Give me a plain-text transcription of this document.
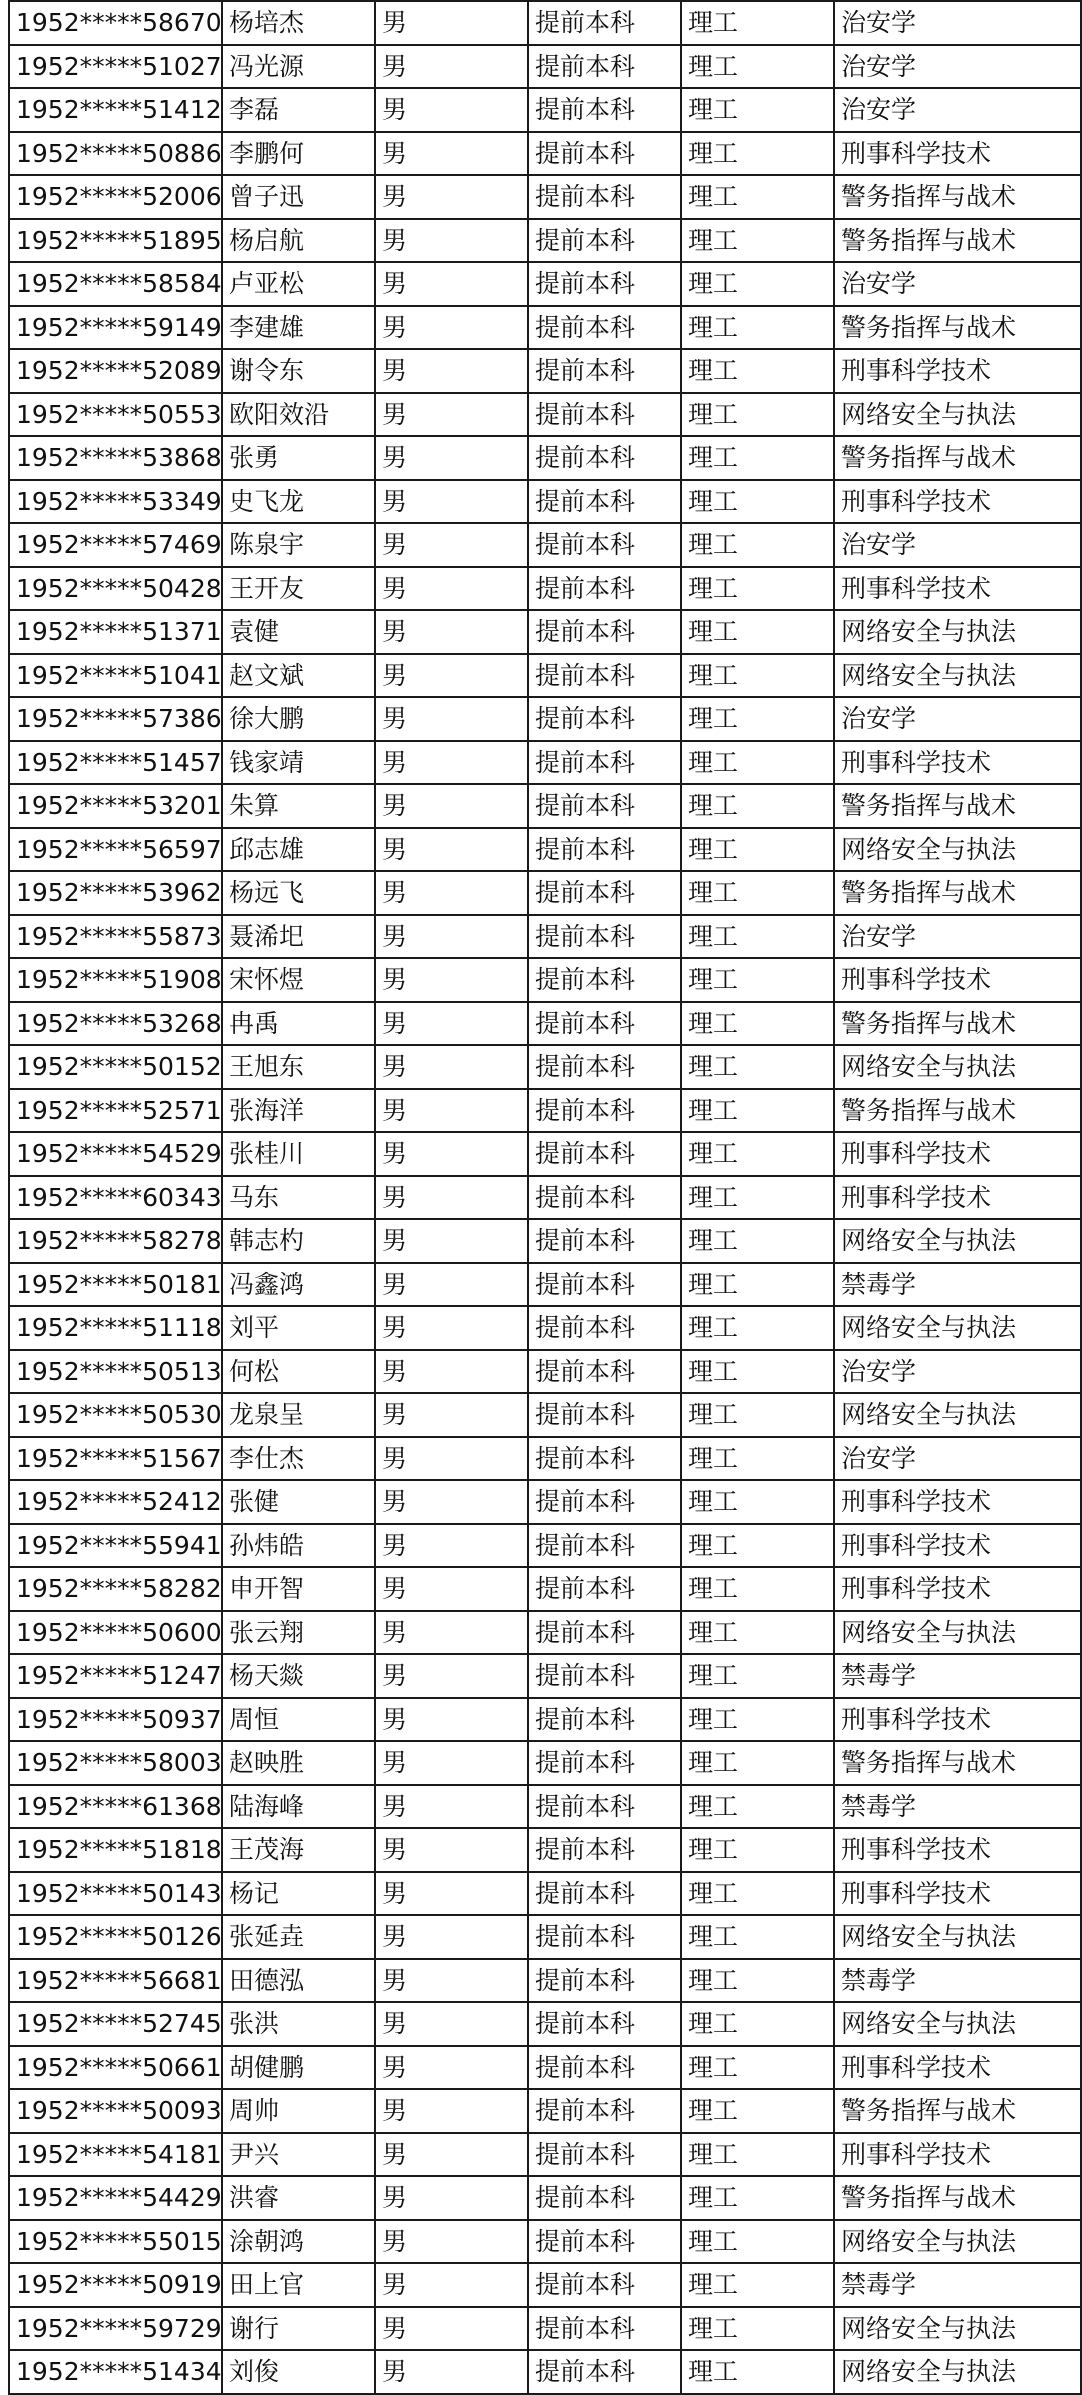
1952*****58670	杨培杰	男	提前本科	理工	治安学
1952*****51027	冯光源	男	提前本科	理工	治安学
1952*****51412	李磊	男	提前本科	理工	治安学
1952*****50886	李鹏何	男	提前本科	理工	刑事科学技术
1952*****52006	曾子迅	男	提前本科	理工	警务指挥与战术
1952*****51895	杨启航	男	提前本科	理工	警务指挥与战术
1952*****58584	卢亚松	男	提前本科	理工	治安学
1952*****59149	李建雄	男	提前本科	理工	警务指挥与战术
1952*****52089	谢令东	男	提前本科	理工	刑事科学技术
1952*****50553	欧阳效沿	男	提前本科	理工	网络安全与执法
1952*****53868	张勇	男	提前本科	理工	警务指挥与战术
1952*****53349	史飞龙	男	提前本科	理工	刑事科学技术
1952*****57469	陈泉宇	男	提前本科	理工	治安学
1952*****50428	王开友	男	提前本科	理工	刑事科学技术
1952*****51371	袁健	男	提前本科	理工	网络安全与执法
1952*****51041	赵文斌	男	提前本科	理工	网络安全与执法
1952*****57386	徐大鹏	男	提前本科	理工	治安学
1952*****51457	钱家靖	男	提前本科	理工	刑事科学技术
1952*****53201	朱算	男	提前本科	理工	警务指挥与战术
1952*****56597	邱志雄	男	提前本科	理工	网络安全与执法
1952*****53962	杨远飞	男	提前本科	理工	警务指挥与战术
1952*****55873	聂浠圯	男	提前本科	理工	治安学
1952*****51908	宋怀煜	男	提前本科	理工	刑事科学技术
1952*****53268	冉禹	男	提前本科	理工	警务指挥与战术
1952*****50152	王旭东	男	提前本科	理工	网络安全与执法
1952*****52571	张海洋	男	提前本科	理工	警务指挥与战术
1952*****54529	张桂川	男	提前本科	理工	刑事科学技术
1952*****60343	马东	男	提前本科	理工	刑事科学技术
1952*****58278	韩志杓	男	提前本科	理工	网络安全与执法
1952*****50181	冯鑫鸿	男	提前本科	理工	禁毒学
1952*****51118	刘平	男	提前本科	理工	网络安全与执法
1952*****50513	何松	男	提前本科	理工	治安学
1952*****50530	龙泉呈	男	提前本科	理工	网络安全与执法
1952*****51567	李仕杰	男	提前本科	理工	治安学
1952*****52412	张健	男	提前本科	理工	刑事科学技术
1952*****55941	孙炜皓	男	提前本科	理工	刑事科学技术
1952*****58282	申开智	男	提前本科	理工	刑事科学技术
1952*****50600	张云翔	男	提前本科	理工	网络安全与执法
1952*****51247	杨天燚	男	提前本科	理工	禁毒学
1952*****50937	周恒	男	提前本科	理工	刑事科学技术
1952*****58003	赵映胜	男	提前本科	理工	警务指挥与战术
1952*****61368	陆海峰	男	提前本科	理工	禁毒学
1952*****51818	王茂海	男	提前本科	理工	刑事科学技术
1952*****50143	杨记	男	提前本科	理工	刑事科学技术
1952*****50126	张延垚	男	提前本科	理工	网络安全与执法
1952*****56681	田德泓	男	提前本科	理工	禁毒学
1952*****52745	张洪	男	提前本科	理工	网络安全与执法
1952*****50661	胡健鹏	男	提前本科	理工	刑事科学技术
1952*****50093	周帅	男	提前本科	理工	警务指挥与战术
1952*****54181	尹兴	男	提前本科	理工	刑事科学技术
1952*****54429	洪睿	男	提前本科	理工	警务指挥与战术
1952*****55015	涂朝鸿	男	提前本科	理工	网络安全与执法
1952*****50919	田上官	男	提前本科	理工	禁毒学
1952*****59729	谢行	男	提前本科	理工	网络安全与执法
1952*****51434	刘俊	男	提前本科	理工	网络安全与执法
